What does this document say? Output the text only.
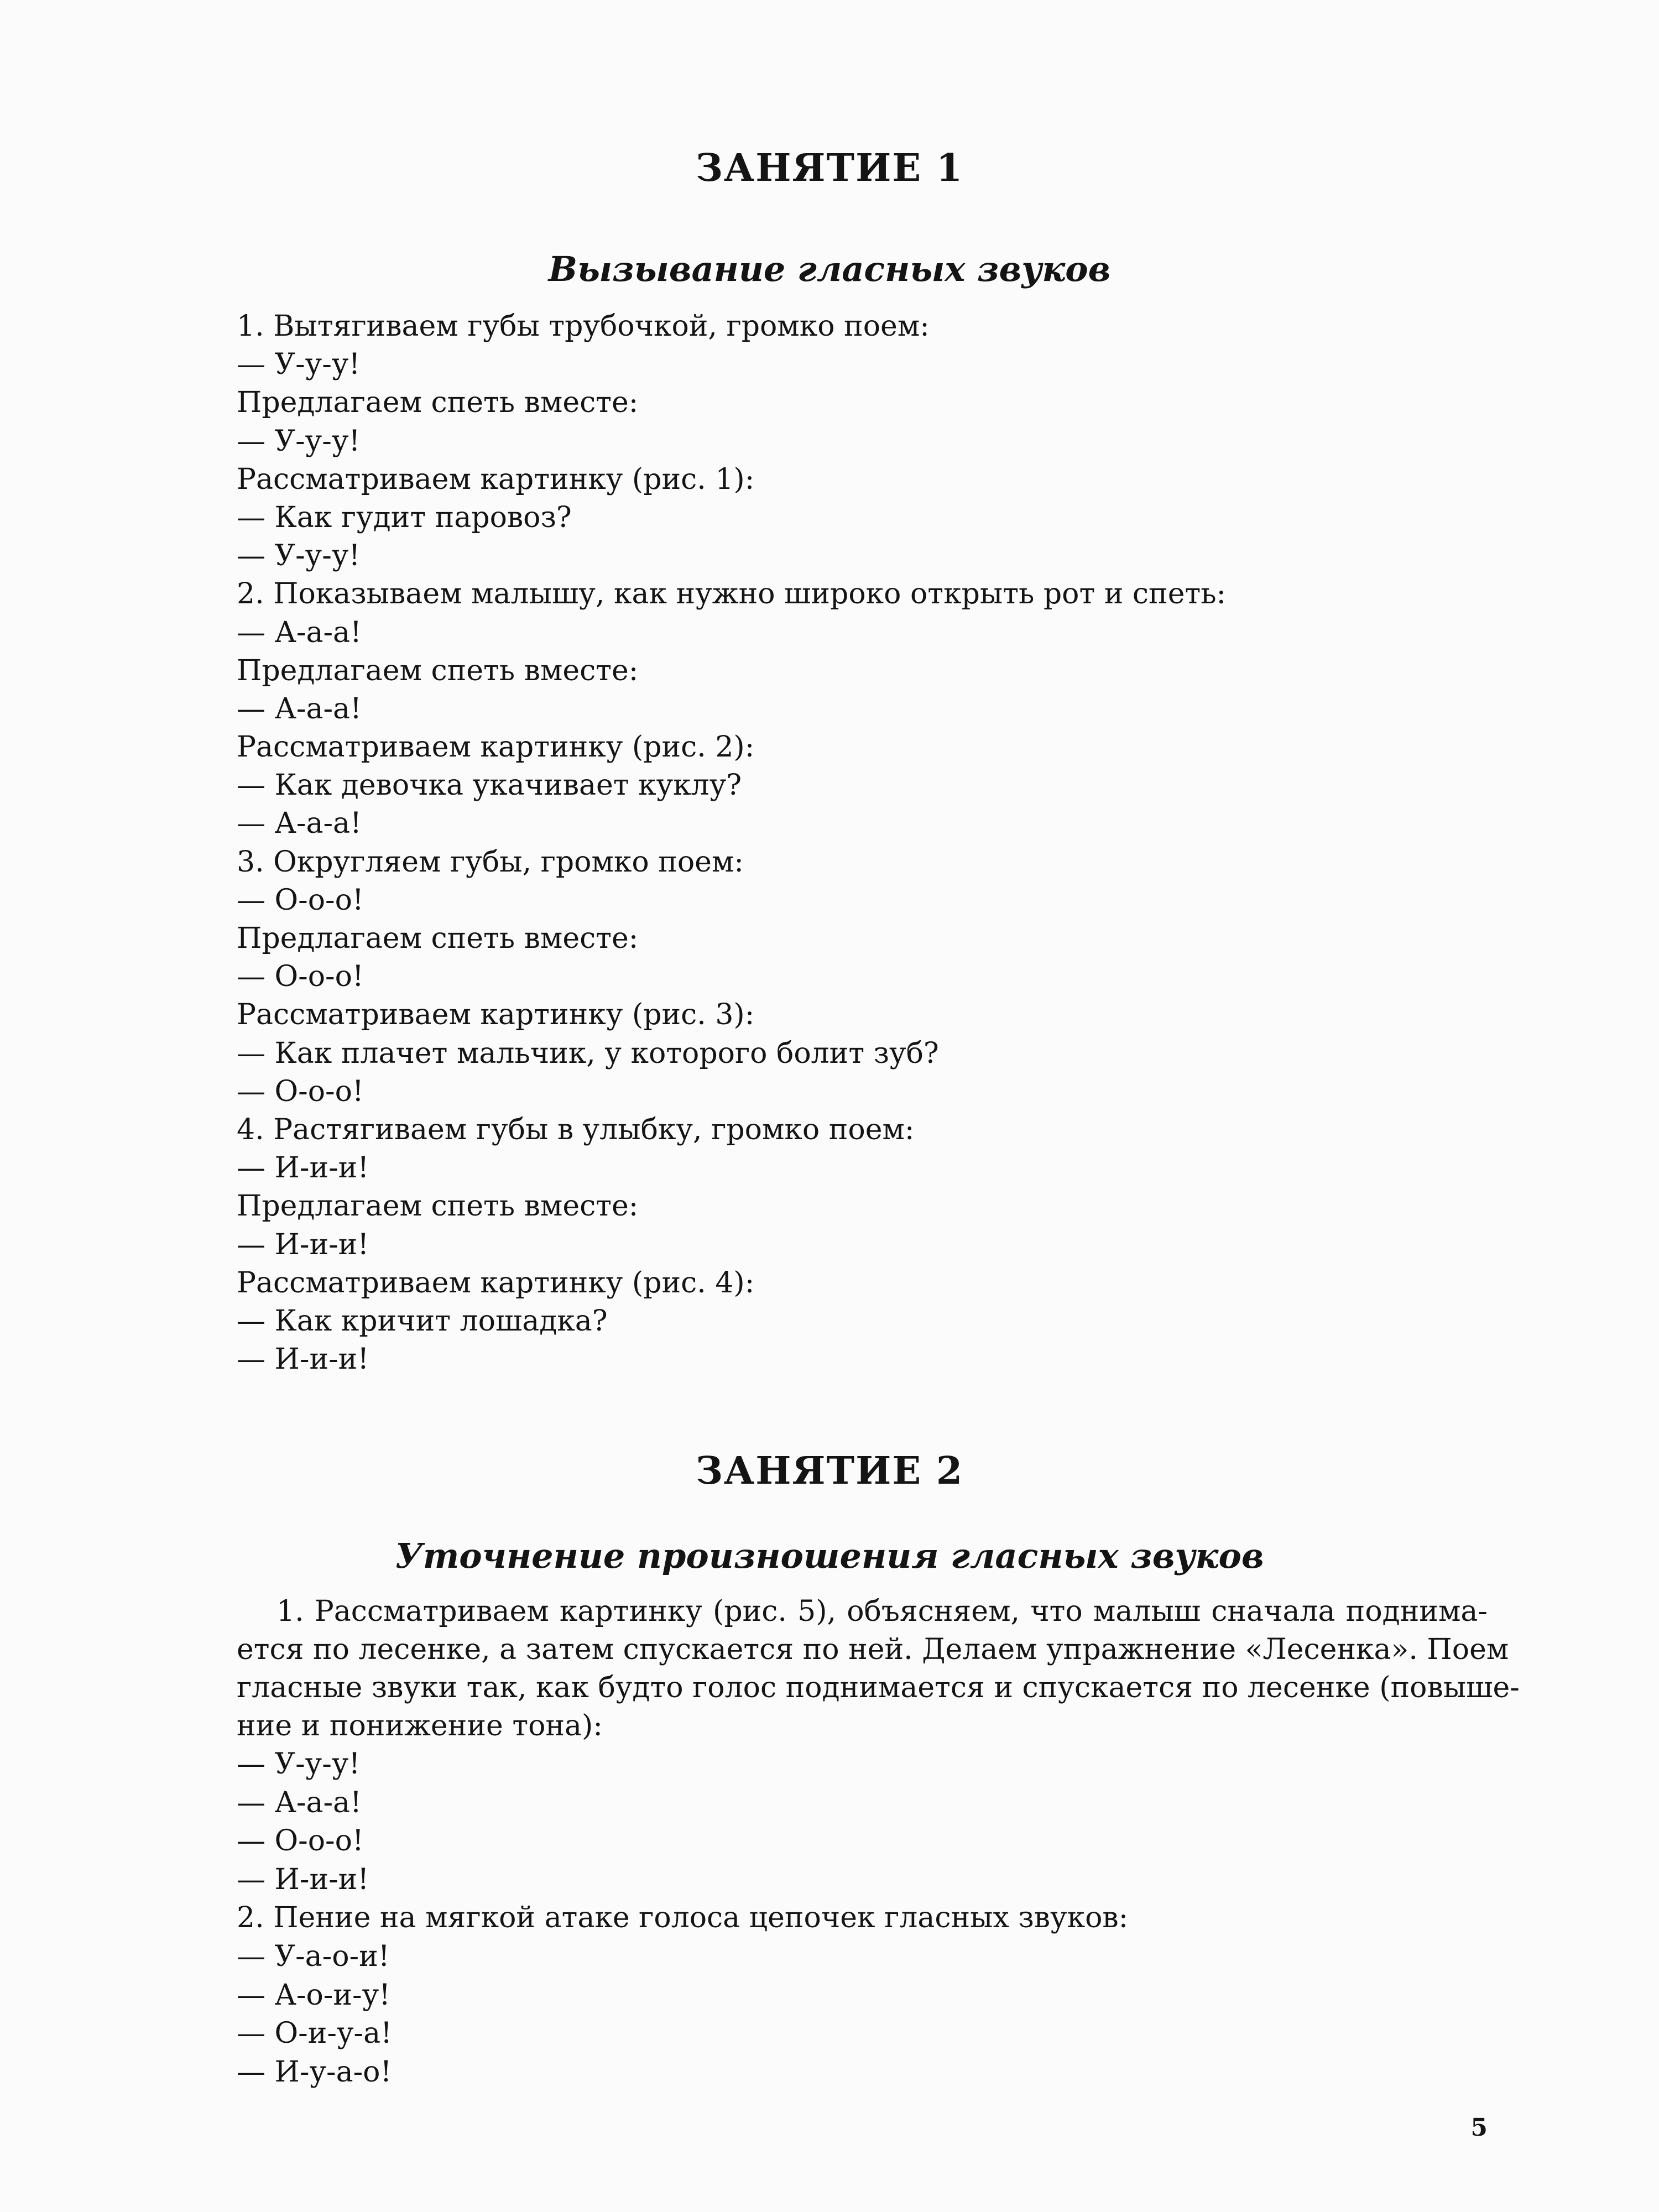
ЗАНЯТИЕ 1
Вызывание гласных звуков
1. Вытягиваем губы трубочкой, громко поем:
— У-у-у!
Предлагаем спеть вместе:
— У-у-у!
Рассматриваем картинку (рис. 1):
— Как гудит паровоз?
— У-у-у!
2. Показываем малышу, как нужно широко открыть рот и спеть:
— А-а-а!
Предлагаем спеть вместе:
— А-а-а!
Рассматриваем картинку (рис. 2):
— Как девочка укачивает куклу?
— А-а-а!
3. Округляем губы, громко поем:
— О-о-о!
Предлагаем спеть вместе:
— О-о-о!
Рассматриваем картинку (рис. 3):
— Как плачет мальчик, у которого болит зуб?
— О-о-о!
4. Растягиваем губы в улыбку, громко поем:
— И-и-и!
Предлагаем спеть вместе:
— И-и-и!
Рассматриваем картинку (рис. 4):
— Как кричит лошадка?
— И-и-и!
ЗАНЯТИЕ 2
Уточнение произношения гласных звуков
1. Рассматриваем картинку (рис. 5), объясняем, что малыш сначала поднима-
ется по лесенке, а затем спускается по ней. Делаем упражнение «Лесенка». Поем
гласные звуки так, как будто голос поднимается и спускается по лесенке (повыше-
ние и понижение тона):
— У-у-у!
— А-а-а!
— О-о-о!
— И-и-и!
2. Пение на мягкой атаке голоса цепочек гласных звуков:
— У-а-о-и!
— А-о-и-у!
— О-и-у-а!
— И-у-а-о!
5
